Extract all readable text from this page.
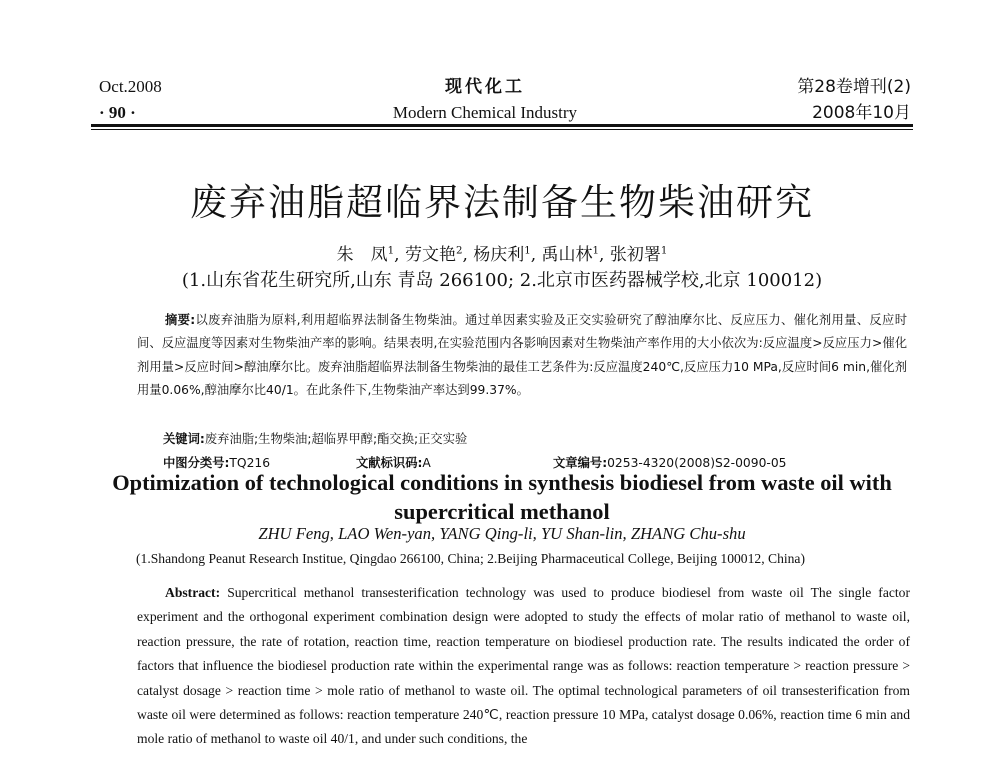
Oct.2008	现代化工	第28卷增刊(2)
· 90 ·	Modern Chemical Industry	2008年10月
废弃油脂超临界法制备生物柴油研究
朱　凤$^1$, 劳文艳$^2$, 杨庆利$^1$, 禹山林$^1$, 张初署$^1$
(1.山东省花生研究所,山东 青岛 266100; 2.北京市医药器械学校,北京 100012)
摘要:以废弃油脂为原料,利用超临界法制备生物柴油。通过单因素实验及正交实验研究了醇油摩尔比、反应压力、催化剂用量、反应时间、反应温度等因素对生物柴油产率的影响。结果表明,在实验范围内各影响因素对生物柴油产率作用的大小依次为:反应温度>反应压力>催化剂用量>反应时间>醇油摩尔比。废弃油脂超临界法制备生物柴油的最佳工艺条件为:反应温度240℃,反应压力10 MPa,反应时间6 min,催化剂用量0.06%,醇油摩尔比40/1。在此条件下,生物柴油产率达到99.37%。
关键词:废弃油脂;生物柴油;超临界甲醇;酯交换;正交实验
中图分类号:TQ216	文献标识码:A	文章编号:0253-4320(2008)S2-0090-05
Optimization of technological conditions in synthesis biodiesel from waste oil with supercritical methanol
ZHU Feng, LAO Wen-yan, YANG Qing-li, YU Shan-lin, ZHANG Chu-shu
(1.Shandong Peanut Research Institue, Qingdao 266100, China; 2.Beijing Pharmaceutical College, Beijing 100012, China)
Abstract: Supercritical methanol transesterification technology was used to produce biodiesel from waste oil The single factor experiment and the orthogonal experiment combination design were adopted to study the effects of molar ratio of methanol to waste oil, reaction pressure, the rate of rotation, reaction time, reaction temperature on biodiesel production rate. The results indicated the order of factors that influence the biodiesel production rate within the experimental range was as follows: reaction temperature > reaction pressure > catalyst dosage > reaction time > mole ratio of methanol to waste oil. The optimal technological parameters of oil transesterification from waste oil were determined as follows: reaction temperature 240℃, reaction pressure 10 MPa, catalyst dosage 0.06%, reaction time 6 min and mole ratio of methanol to waste oil 40/1, and under such conditions, the
